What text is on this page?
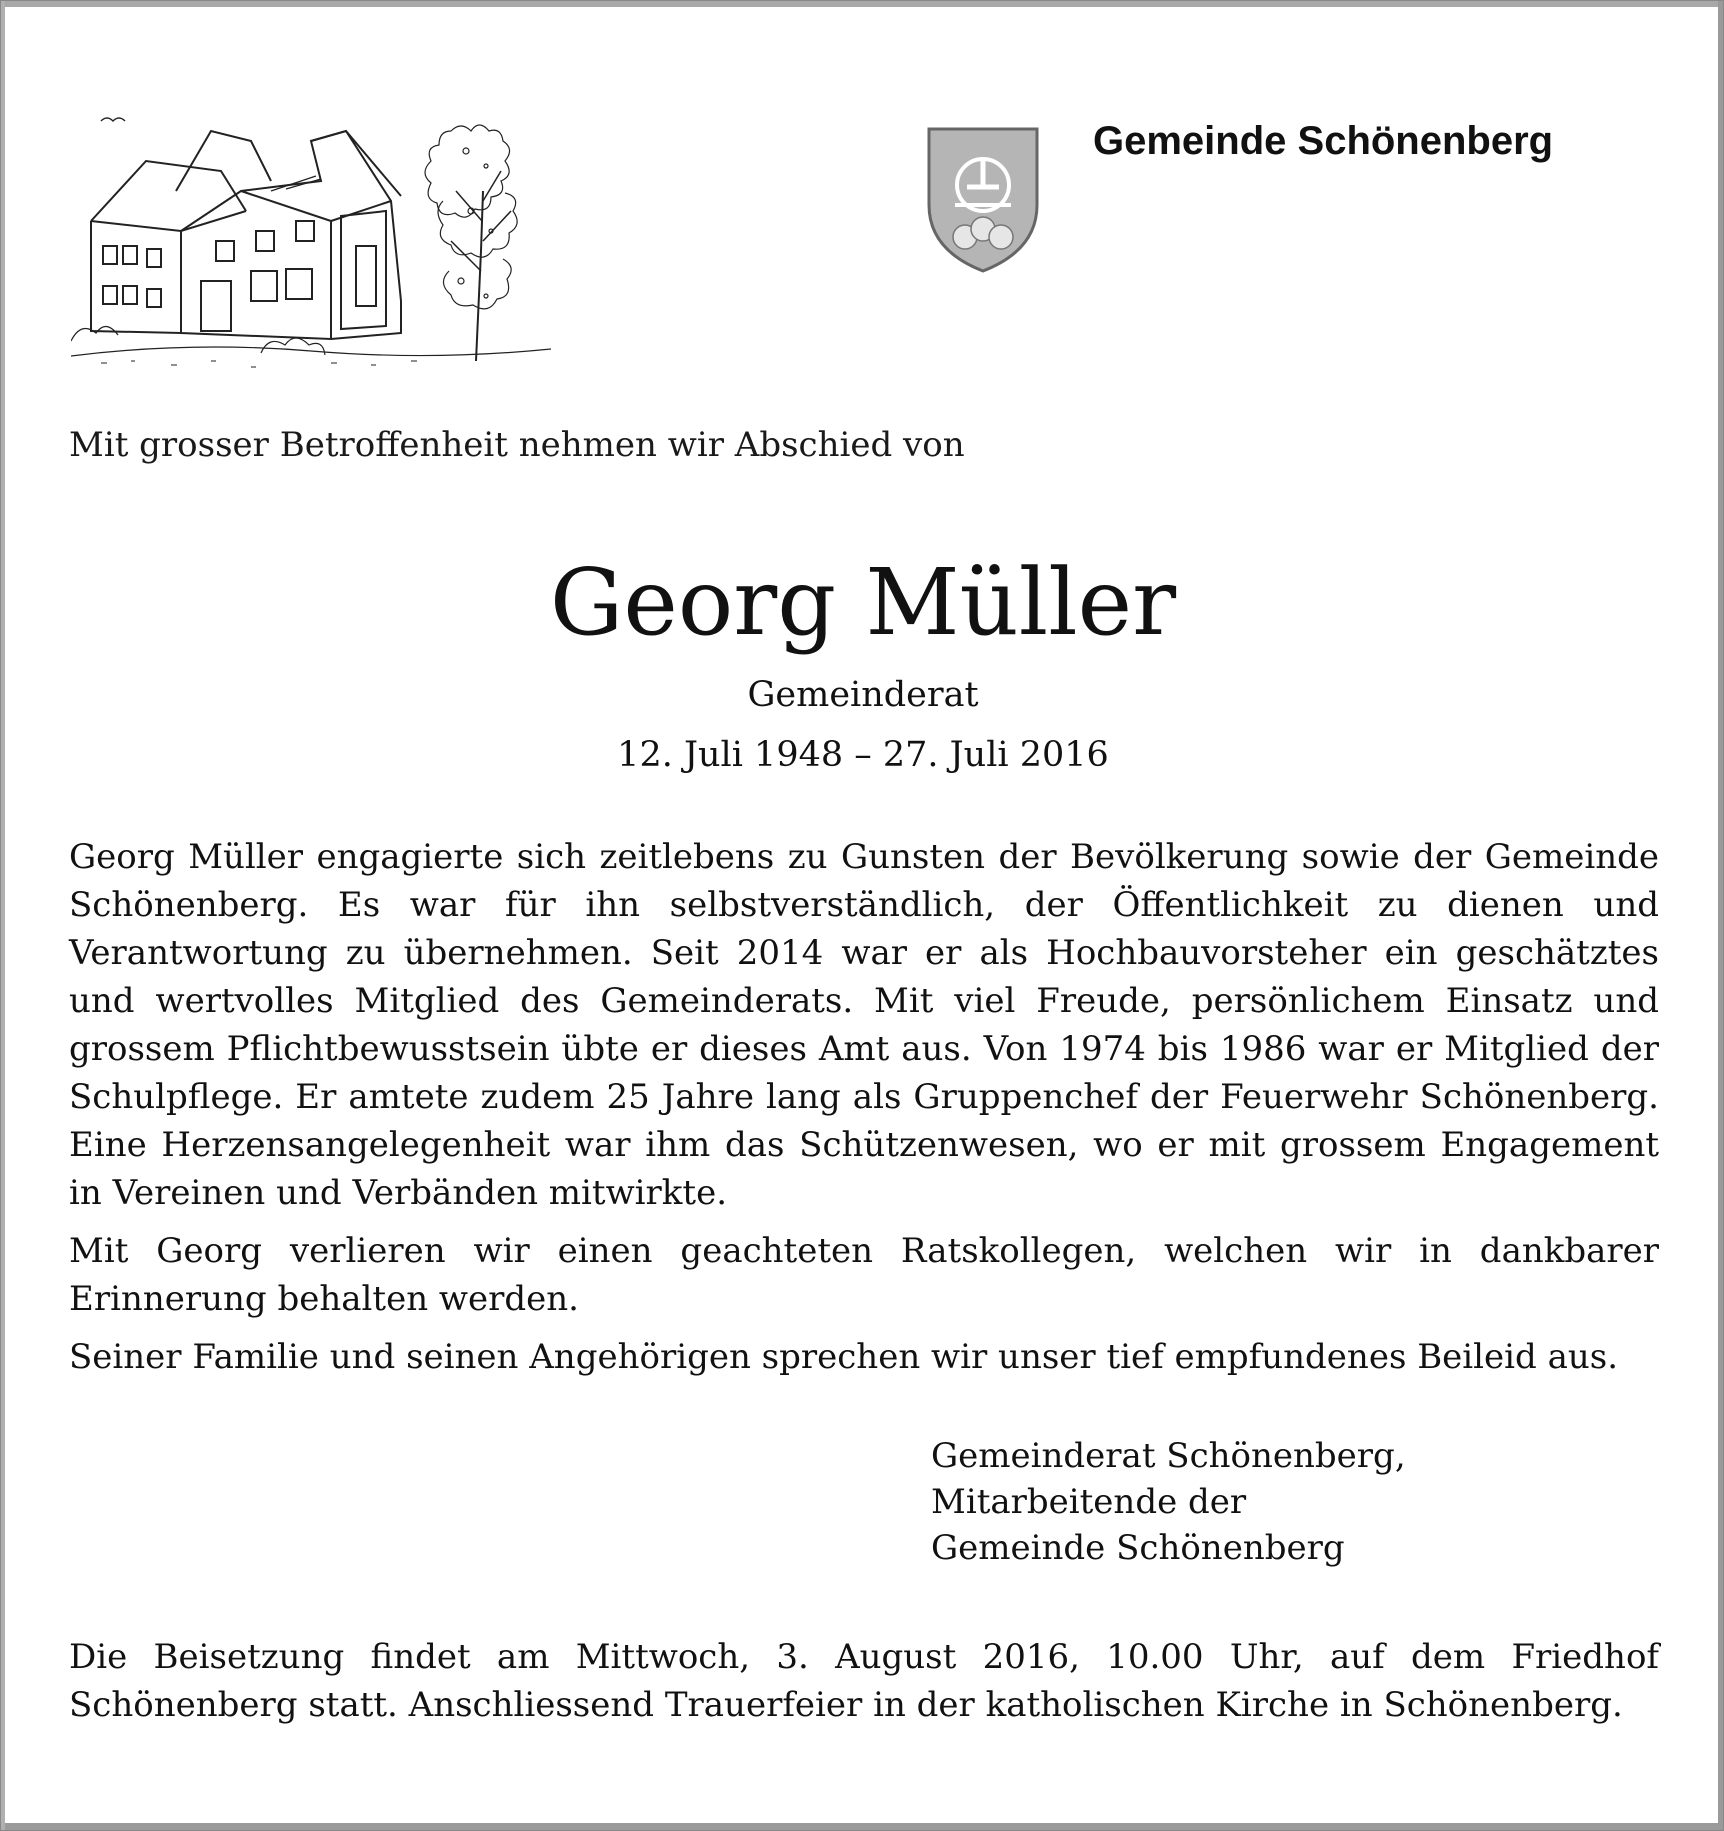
Gemeinde Schönenberg
Mit grosser Betroffenheit nehmen wir Abschied von
Georg Müller
Gemeinderat
12. Juli 1948 – 27. Juli 2016

Georg Müller engagierte sich zeitlebens zu Gunsten der Bevölkerung sowie der Gemeinde Schönenberg. Es war für ihn selbstverständlich, der Öffentlichkeit zu dienen und Verantwortung zu übernehmen. Seit 2014 war er als Hochbauvorsteher ein geschätztes und wertvolles Mitglied des Gemeinderats. Mit viel Freude, persönlichem Einsatz und grossem Pflichtbewusstsein übte er dieses Amt aus. Von 1974 bis 1986 war er Mitglied der Schulpflege. Er amtete zudem 25 Jahre lang als Gruppenchef der Feuerwehr Schönenberg. Eine Herzensangelegenheit war ihm das Schützenwesen, wo er mit grossem Engagement in Vereinen und Verbänden mitwirkte.

Mit Georg verlieren wir einen geachteten Ratskollegen, welchen wir in dankbarer Erinnerung behalten werden.

Seiner Familie und seinen Angehörigen sprechen wir unser tief empfundenes Beileid aus.

Gemeinderat Schönenberg,
Mitarbeitende der
Gemeinde Schönenberg
Die Beisetzung findet am Mittwoch, 3. August 2016, 10.00 Uhr, auf dem Friedhof Schönenberg statt. Anschliessend Trauerfeier in der katholischen Kirche in Schönenberg.
